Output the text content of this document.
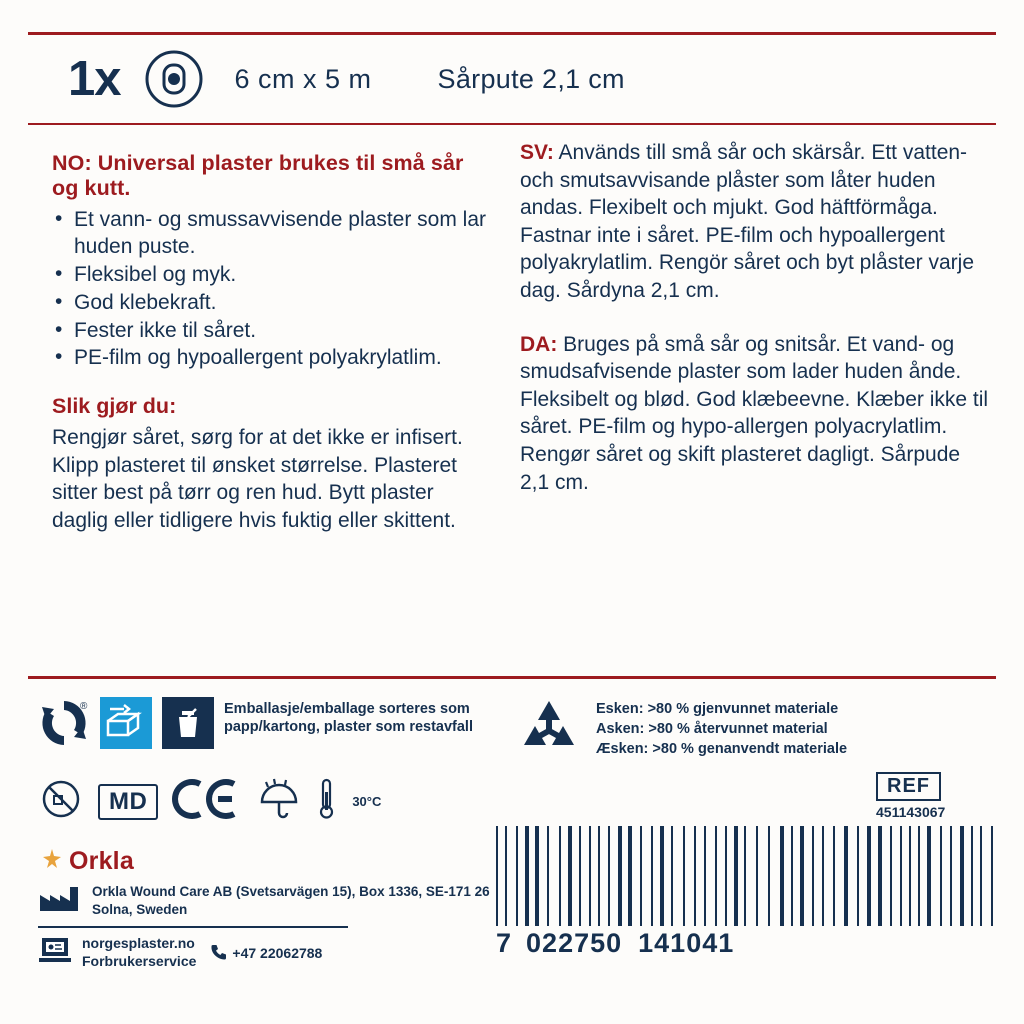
1x	6 cm x 5 m Sårpute 2,1 cm
NO: Universal plaster brukes til små sår og kutt.
• Et vann- og smussavvisende plaster som lar huden puste.
• Fleksibel og myk.
• God klebekraft.
• Fester ikke til såret.
• PE-film og hypoallergent polyakrylatlim.
Slik gjør du:
Rengjør såret, sørg for at det ikke er infisert. Klipp plasteret til ønsket størrelse. Plasteret sitter best på tørr og ren hud. Bytt plaster daglig eller tidligere hvis fuktig eller skittent.
SV: Används till små sår och skärsår. Ett vatten- och smutsavvisande plåster som låter huden andas. Flexibelt och mjukt. God häftförmåga. Fastnar inte i såret. PE-film och hypoallergent polyakrylatlim. Rengör såret och byt plåster varje dag. Sårdyna 2,1 cm.
DA: Bruges på små sår og snitsår. Et vand- og smudsafvisende plaster som lader huden ånde. Fleksibelt og blød. God klæbeevne. Klæber ikke til såret. PE-film og hypo-allergen polyacrylatlim. Rengør såret og skift plasteret dagligt. Sårpude 2,1 cm.
®	Emballasje/emballage sorteres som papp/kartong, plaster som restavfall
MD	30°C
Orkla
Orkla Wound Care AB (Svetsarvägen 15), Box 1336, SE-171 26 Solna, Sweden
norgesplaster.no
Forbrukerservice	+47 22062788
Esken: >80 % gjenvunnet materiale
Asken: >80 % återvunnet material
Æsken: >80 % genanvendt materiale
REF
451143067
7 022750 141041
